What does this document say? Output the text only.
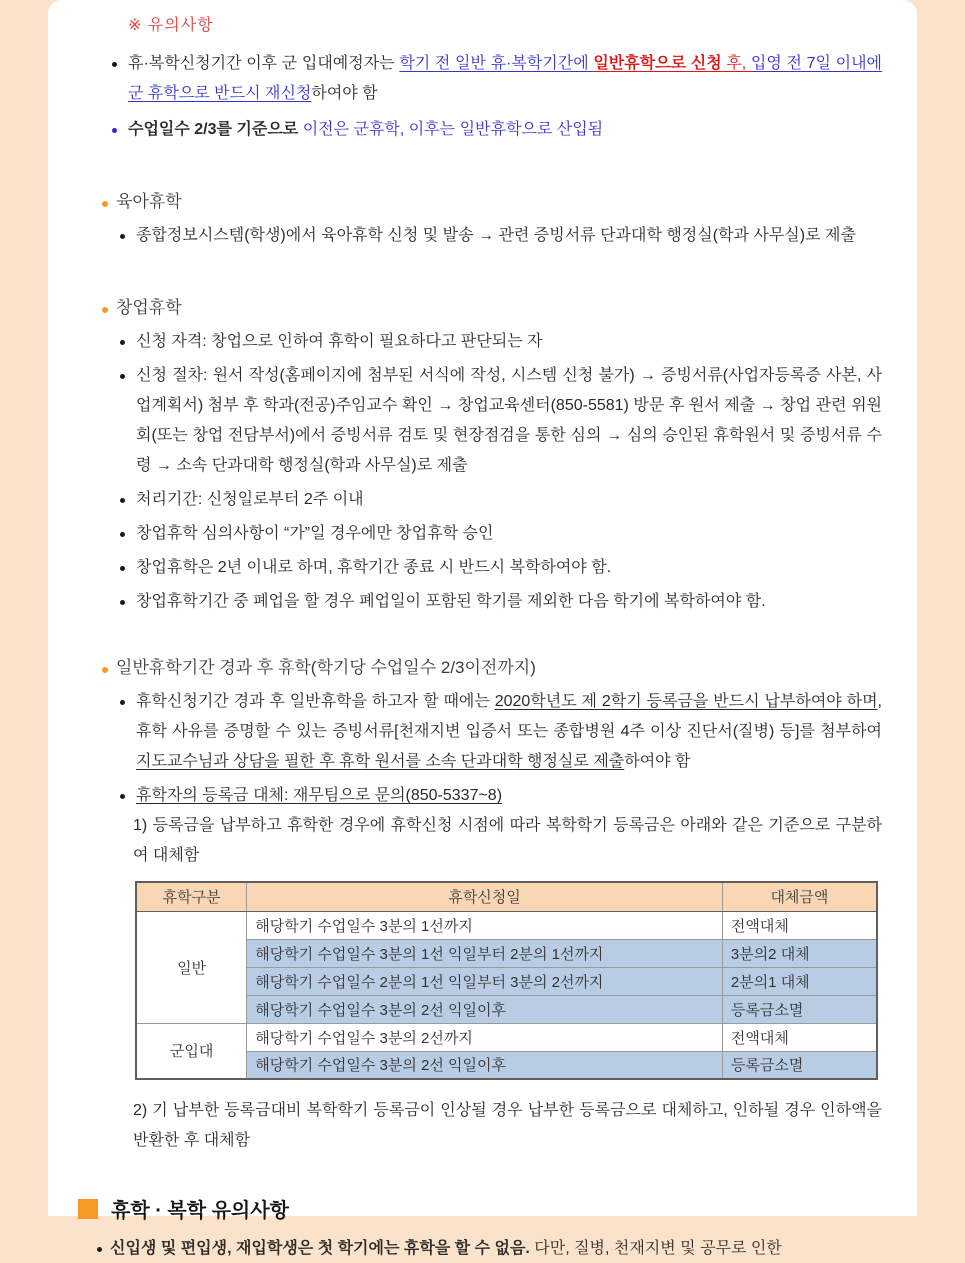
※ 유의사항
휴·복학신청기간 이후 군 입대예정자는 학기 전 일반 휴·복학기간에 일반휴학으로 신청 후, 입영 전 7일 이내에 군 휴학으로 반드시 재신청하여야 함
수업일수 2/3를 기준으로 이전은 군휴학, 이후는 일반휴학으로 산입됨
육아휴학
종합정보시스템(학생)에서 육아휴학 신청 및 발송 → 관련 증빙서류 단과대학 행정실(학과 사무실)로 제출
창업휴학
신청 자격: 창업으로 인하여 휴학이 필요하다고 판단되는 자
신청 절차: 원서 작성(홈페이지에 첨부된 서식에 작성, 시스템 신청 불가) → 증빙서류(사업자등록증 사본, 사업계획서) 첨부 후 학과(전공)주임교수 확인 → 창업교육센터(850-5581) 방문 후 원서 제출 → 창업 관련 위원회(또는 창업 전담부서)에서 증빙서류 검토 및 현장점검을 통한 심의 → 심의 승인된 휴학원서 및 증빙서류 수령 → 소속 단과대학 행정실(학과 사무실)로 제출
처리기간: 신청일로부터 2주 이내
창업휴학 심의사항이 “가”일 경우에만 창업휴학 승인
창업휴학은 2년 이내로 하며, 휴학기간 종료 시 반드시 복학하여야 함.
창업휴학기간 중 폐업을 할 경우 폐업일이 포함된 학기를 제외한 다음 학기에 복학하여야 함.
일반휴학기간 경과 후 휴학(학기당 수업일수 2/3이전까지)
휴학신청기간 경과 후 일반휴학을 하고자 할 때에는 2020학년도 제 2학기 등록금을 반드시 납부하여야 하며, 휴학 사유를 증명할 수 있는 증빙서류[천재지변 입증서 또는 종합병원 4주 이상 진단서(질병) 등]를 첨부하여 지도교수님과 상담을 필한 후 휴학 원서를 소속 단과대학 행정실로 제출하여야 함
휴학자의 등록금 대체: 재무팀으로 문의(850-5337~8)
1) 등록금을 납부하고 휴학한 경우에 휴학신청 시점에 따라 복학학기 등록금은 아래와 같은 기준으로 구분하여 대체함
휴학구분	휴학신청일	대체금액
일반	해당학기 수업일수 3분의 1선까지	전액대체
	해당학기 수업일수 3분의 1선 익일부터 2분의 1선까지	3분의2 대체
	해당학기 수업일수 2분의 1선 익일부터 3분의 2선까지	2분의1 대체
	해당학기 수업일수 3분의 2선 익일이후	등록금소멸
군입대	해당학기 수업일수 3분의 2선까지	전액대체
	해당학기 수업일수 3분의 2선 익일이후	등록금소멸
2) 기 납부한 등록금대비 복학학기 등록금이 인상될 경우 납부한 등록금으로 대체하고, 인하될 경우 인하액을 반환한 후 대체함
휴학 · 복학 유의사항
신입생 및 편입생, 재입학생은 첫 학기에는 휴학을 할 수 없음. 다만, 질병, 천재지변 및 공무로 인한
